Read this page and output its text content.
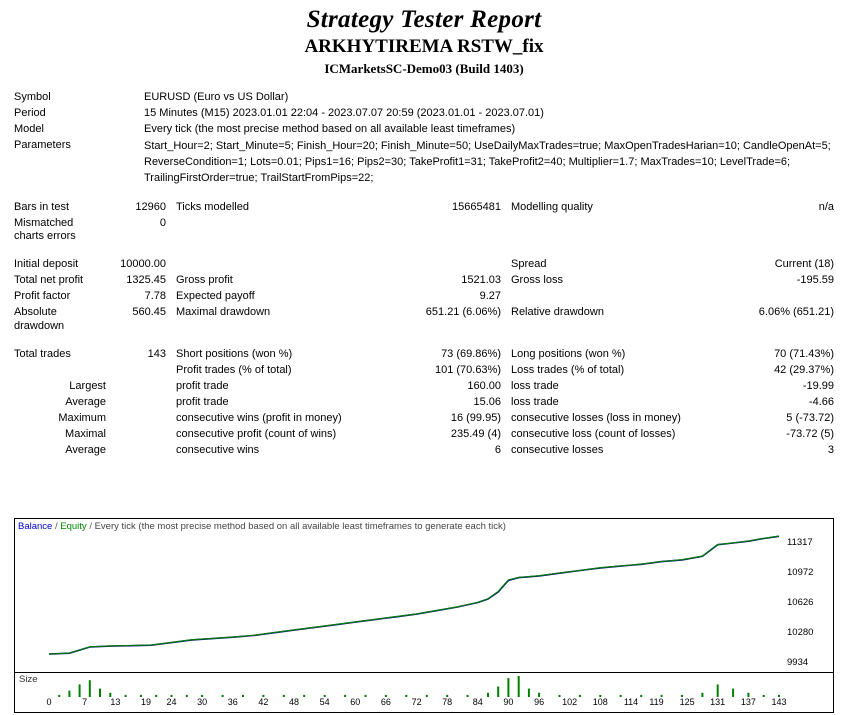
Strategy Tester Report
ARKHYTIREMA RSTW_fix
ICMarketsSC-Demo03 (Build 1403)
Symbol	EURUSD (Euro vs US Dollar)
Period	15 Minutes (M15) 2023.01.01 22:04 - 2023.07.07 20:59 (2023.01.01 - 2023.07.01)
Model	Every tick (the most precise method based on all available least timeframes)
Parameters	Start_Hour=2; Start_Minute=5; Finish_Hour=20; Finish_Minute=50; UseDailyMaxTrades=true; MaxOpenTradesHarian=10; CandleOpenAt=5; ReverseCondition=1; Lots=0.01; Pips1=16; Pips2=30; TakeProfit1=31; TakeProfit2=40; Multiplier=1.7; MaxTrades=10; LevelTrade=6; TrailingFirstOrder=true; TrailStartFromPips=22;
Bars in test	12960	Ticks modelled	15665481	Modelling quality	n/a
Mismatched charts errors	0				

Initial deposit	10000.00			Spread	Current (18)
Total net profit	1325.45	Gross profit	1521.03	Gross loss	-195.59
Profit factor	7.78	Expected payoff	9.27		
Absolute drawdown	560.45	Maximal drawdown	651.21 (6.06%)	Relative drawdown	6.06% (651.21)

Total trades	143	Short positions (won %)	73 (69.86%)	Long positions (won %)	70 (71.43%)
		Profit trades (% of total)	101 (70.63%)	Loss trades (% of total)	42 (29.37%)
Largest		profit trade	160.00	loss trade	-19.99
Average		profit trade	15.06	loss trade	-4.66
Maximum		consecutive wins (profit in money)	16 (99.95)	consecutive losses (loss in money)	5 (-73.72)
Maximal		consecutive profit (count of wins)	235.49 (4)	consecutive loss (count of losses)	-73.72 (5)
Average		consecutive wins	6	consecutive losses	3
Balance / Equity / Every tick (the most precise method based on all available least timeframes to generate each tick)
11317
10972
10626
10280
9934
Size
0	7	13 19 24 30 36 42 48 54 60 66 72 78 84 90 96 102 108 114 119 125 131 137 143
